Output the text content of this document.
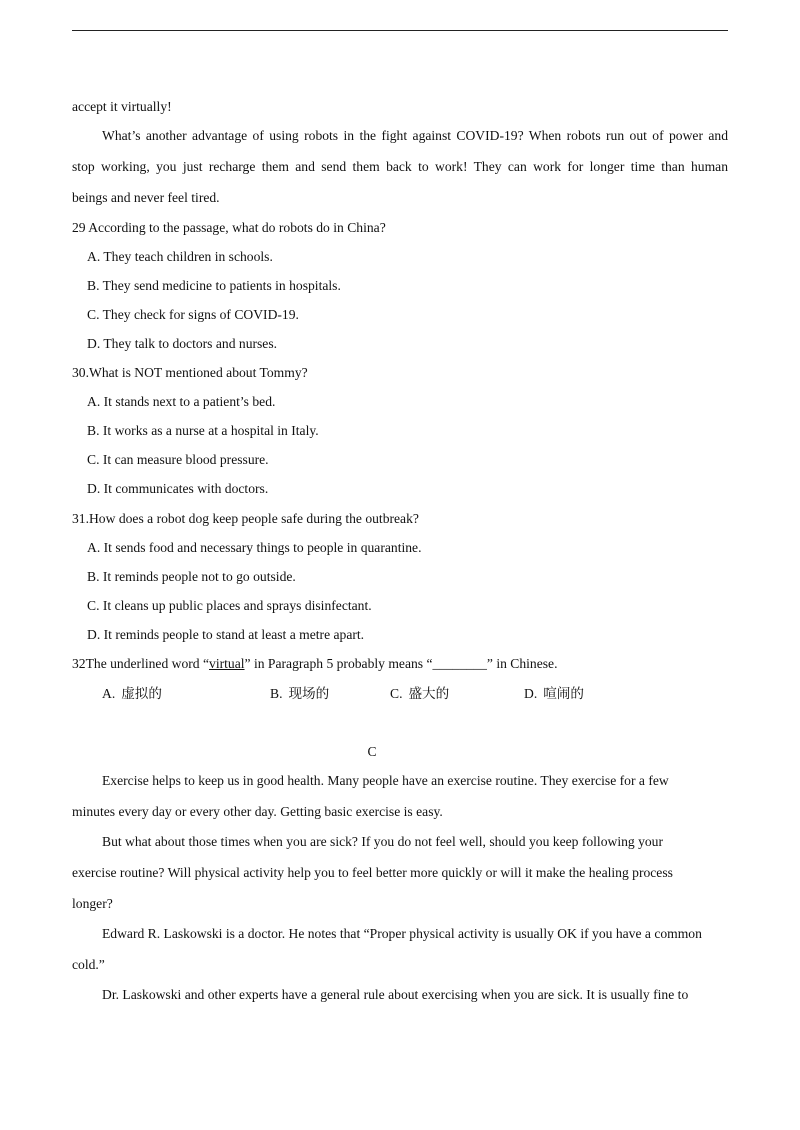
accept it virtually!
What’s another advantage of using robots in the fight against COVID-19? When robots run out of power and
stop working, you just recharge them and send them back to work! They can work for longer time than human
beings and never feel tired.
29 According to the passage, what do robots do in China?
A. They teach children in schools.
B. They send medicine to patients in hospitals.
C. They check for signs of COVID-19.
D. They talk to doctors and nurses.
30.What is NOT mentioned about Tommy?
A. It stands next to a patient’s bed.
B. It works as a nurse at a hospital in Italy.
C. It can measure blood pressure.
D. It communicates with doctors.
31.How does a robot dog keep people safe during the outbreak?
A. It sends food and necessary things to people in quarantine.
B. It reminds people not to go outside.
C. It cleans up public places and sprays disinfectant.
D. It reminds people to stand at least a metre apart.
32The underlined word “virtual” in Paragraph 5 probably means “________” in Chinese.
A. 虚拟的	B. 现场的	C. 盛大的	D. 喧闹的
C
Exercise helps to keep us in good health. Many people have an exercise routine. They exercise for a few
minutes every day or every other day. Getting basic exercise is easy.
But what about those times when you are sick? If you do not feel well, should you keep following your
exercise routine? Will physical activity help you to feel better more quickly or will it make the healing process
longer?
Edward R. Laskowski is a doctor. He notes that “Proper physical activity is usually OK if you have a common
cold.”
Dr. Laskowski and other experts have a general rule about exercising when you are sick. It is usually fine to
